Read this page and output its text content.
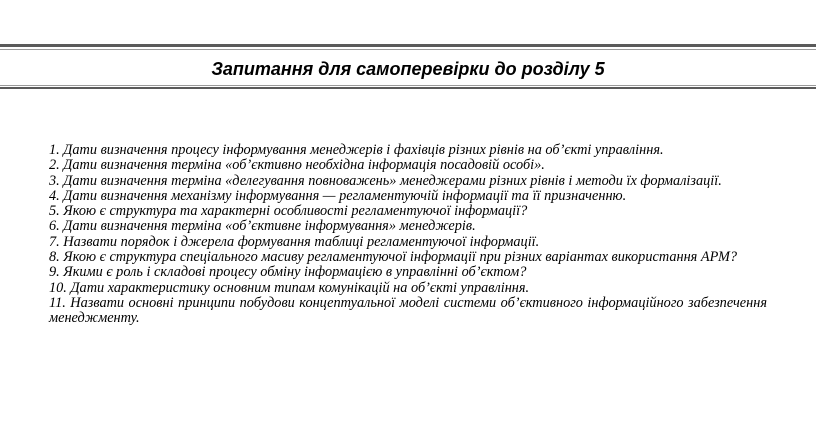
Запитання для самоперевірки до розділу 5
1. Дати визначення процесу інформування менеджерів і фахівців різних рівнів на об’єкті управління.
2. Дати визначення терміна «об’єктивно необхідна інформація посадовій особі».
3. Дати визначення терміна «делегування повноважень» менеджерами різних рівнів і методи їх формалізації.
4. Дати визначення механізму інформування — регламентуючій інформації та її призначенню.
5. Якою є структура та характерні особливості регламентуючої інформації?
6. Дати визначення терміна «об’єктивне інформування» менеджерів.
7. Назвати порядок і джерела формування таблиці регламентуючої інформації.
8. Якою є структура спеціального масиву регламентуючої інформації при різних варіантах використання АРМ?
9. Якими є роль і складові процесу обміну інформацією в управлінні об’єктом?
10. Дати характеристику основним типам комунікацій на об’єкті управління.
11. Назвати основні принципи побудови концептуальної моделі системи об’єктивного інформаційного забезпечення менеджменту.
